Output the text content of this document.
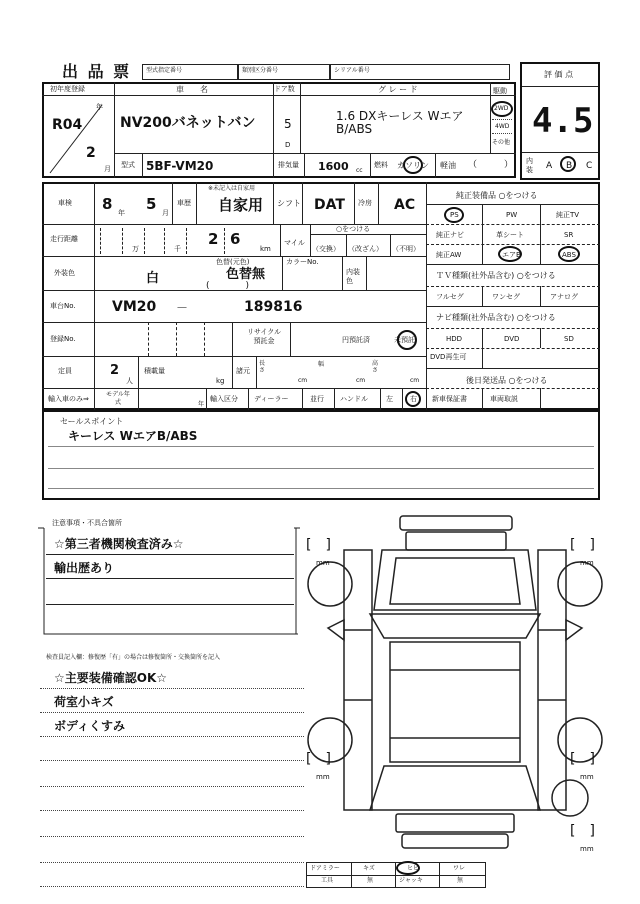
出 品 票 型式指定番号	類別区分番号	シリアル番号	評 価 点
4.5
内装 A B C
初年度登録	車　　名	ドア数	グ レ ー ド	駆動
R04
年
2
月
NV200バネットバン 5
D
1.6 DXキーレス Wエア B/ABS
2WD
4WD
その他
型式 5BF-VM20	排気量 1600 cc
燃料 ガソリン 軽油 （　　　）
車検 8 年 5 月
車歴
※未記入は自家用
自家用 シフト DAT 冷房 AC
走行距離
万	千
2 6
km
マイル
○をつける
（交換） （改ざん） （不明）
外装色	白
色替(元色)
色替無
(　　　　)
カラーNo.
内装色
車台No.	VM20 －	189816
登録No.
リサイクル預託金	円預託済	未預託
定員	2
人
積載量
kg
諸元
長さ
cm
幅
cm
高さ
cm
輸入車のみ⇒
モデル年式	年
輸入区分 ディーラー	並行 ハンドル	左 右
純正装備品 ○をつける
PS	PW	純正TV
純正ナビ	革シート	SR
純正AW	エアB	ABS
ＴＶ種類(社外品含む) ○をつける
フルセグ	ワンセグ	アナログ
ナビ種類(社外品含む) ○をつける
HDD	DVD	SD
DVD再生可
後日発送品 ○をつける
新車保証書	車両取説
セールスポイント
キーレス WエアB/ABS
注意事項・不具合箇所
☆第三者機関検査済み☆
輸出歴あり
検査員記入欄：修復歴「有」の場合は修復箇所・交換箇所を記入
☆主要装備確認OK☆
荷室小キズ
ボディくすみ
[　]
mm
[　]
mm
[　]
mm
[　]
mm
[　]
mm
ドアミラー	キズ	ヒビ	ワレ
工具	無	ジャッキ	無
